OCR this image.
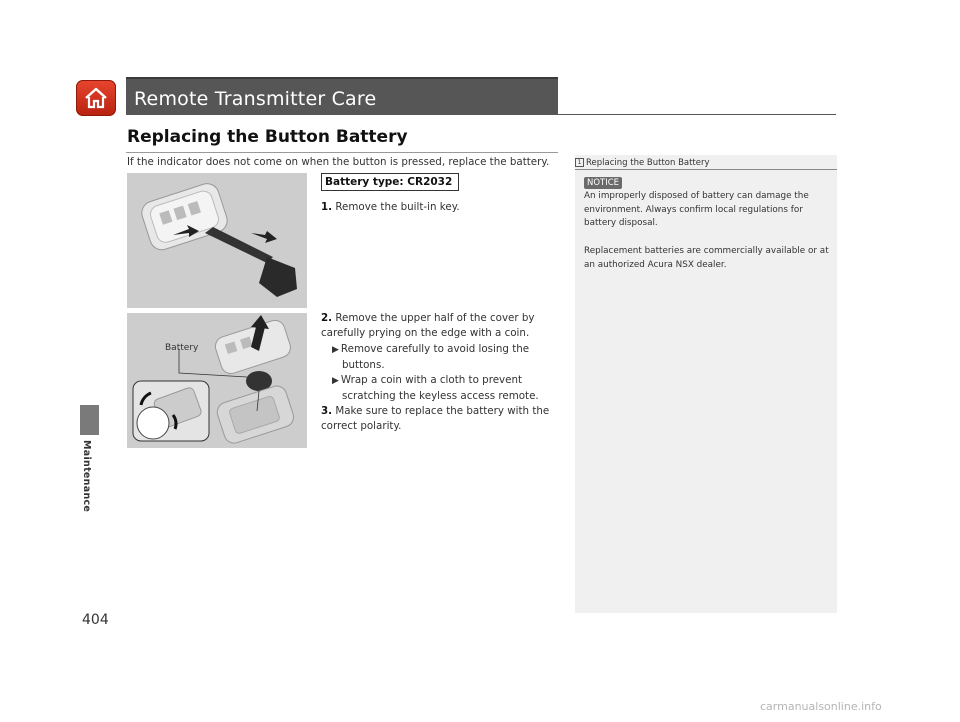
Remote Transmitter Care
Replacing the Button Battery
If the indicator does not come on when the button is pressed, replace the battery.
Battery
Battery type: CR2032
1. Remove the built-in key.
2. Remove the upper half of the cover by carefully prying on the edge with a coin.
▶ Remove carefully to avoid losing the buttons.
▶ Wrap a coin with a cloth to prevent scratching the keyless access remote.
3. Make sure to replace the battery with the correct polarity.
1 Replacing the Button Battery
NOTICE
An improperly disposed of battery can damage the environment. Always confirm local regulations for battery disposal.
Replacement batteries are commercially available or at an authorized Acura NSX dealer.
Maintenance
404
carmanualsonline.info
